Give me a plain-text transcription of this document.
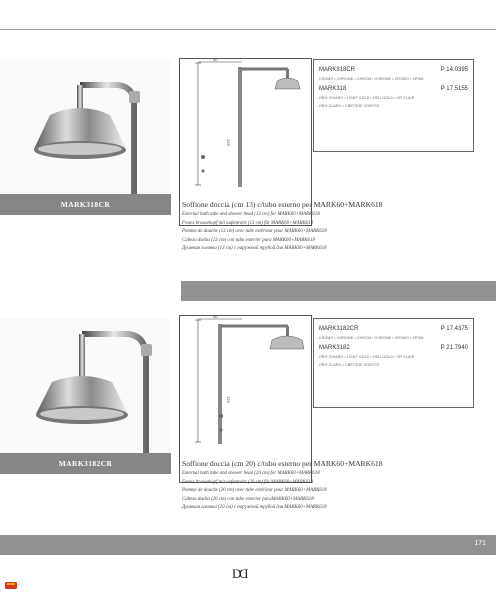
MARK318CR
40
125
MARK318CR	P 14.0395
CROMO • CHROME • CHROM • CHROME • CROMO • ХРОМ
MARK318	P 17.5155
ORO CHIARO • LIGHT GOLD • HELLGOLD • OR CLAIR
ORO CLARO • СВЕТЛОЕ ЗОЛОТО
Soffione doccia (cm 13) c/tubo esterno per MARK60+MARK618
External bath tube and shower head (13 cm) for MARK60+MARK618
Festes brausekopf mit auβenrohr (13 cm) für MARK60+MARK618
Pomme de douche (13 cm) avec tube extérieur pour MARK60+MARK618
Cabeza ducha (13 cm) con tubo exterior para MARK60+MARK618
Душевая головка (13 см) с наружной трубой для MARK60+MARK618
MARK3182CR
40
125
MARK3182CR	P 17.4375
CROMO • CHROME • CHROM • CHROME • CROMO • ХРОМ
MARK3182	P 21.7940
ORO CHIARO • LIGHT GOLD • HELLGOLD • OR CLAIR
ORO CLARO • СВЕТЛОЕ ЗОЛОТО
Soffione doccia (cm 20) c/tubo esterno per MARK60+MARK618
External bath tube and shower head (20 cm) for MARK60+MARK618
Festes brausekopf mit auβenrohr (20 cm) für MARK60+MARK618
Pomme de douche (20 cm) avec tube extérieur pour MARK60+MARK618
Cabeza ducha (20 cm) con tubo exterior paraMARK60+MARK618
Душевая головка (20 см) с наружной трубой для MARK60+MARK618
171
DD
